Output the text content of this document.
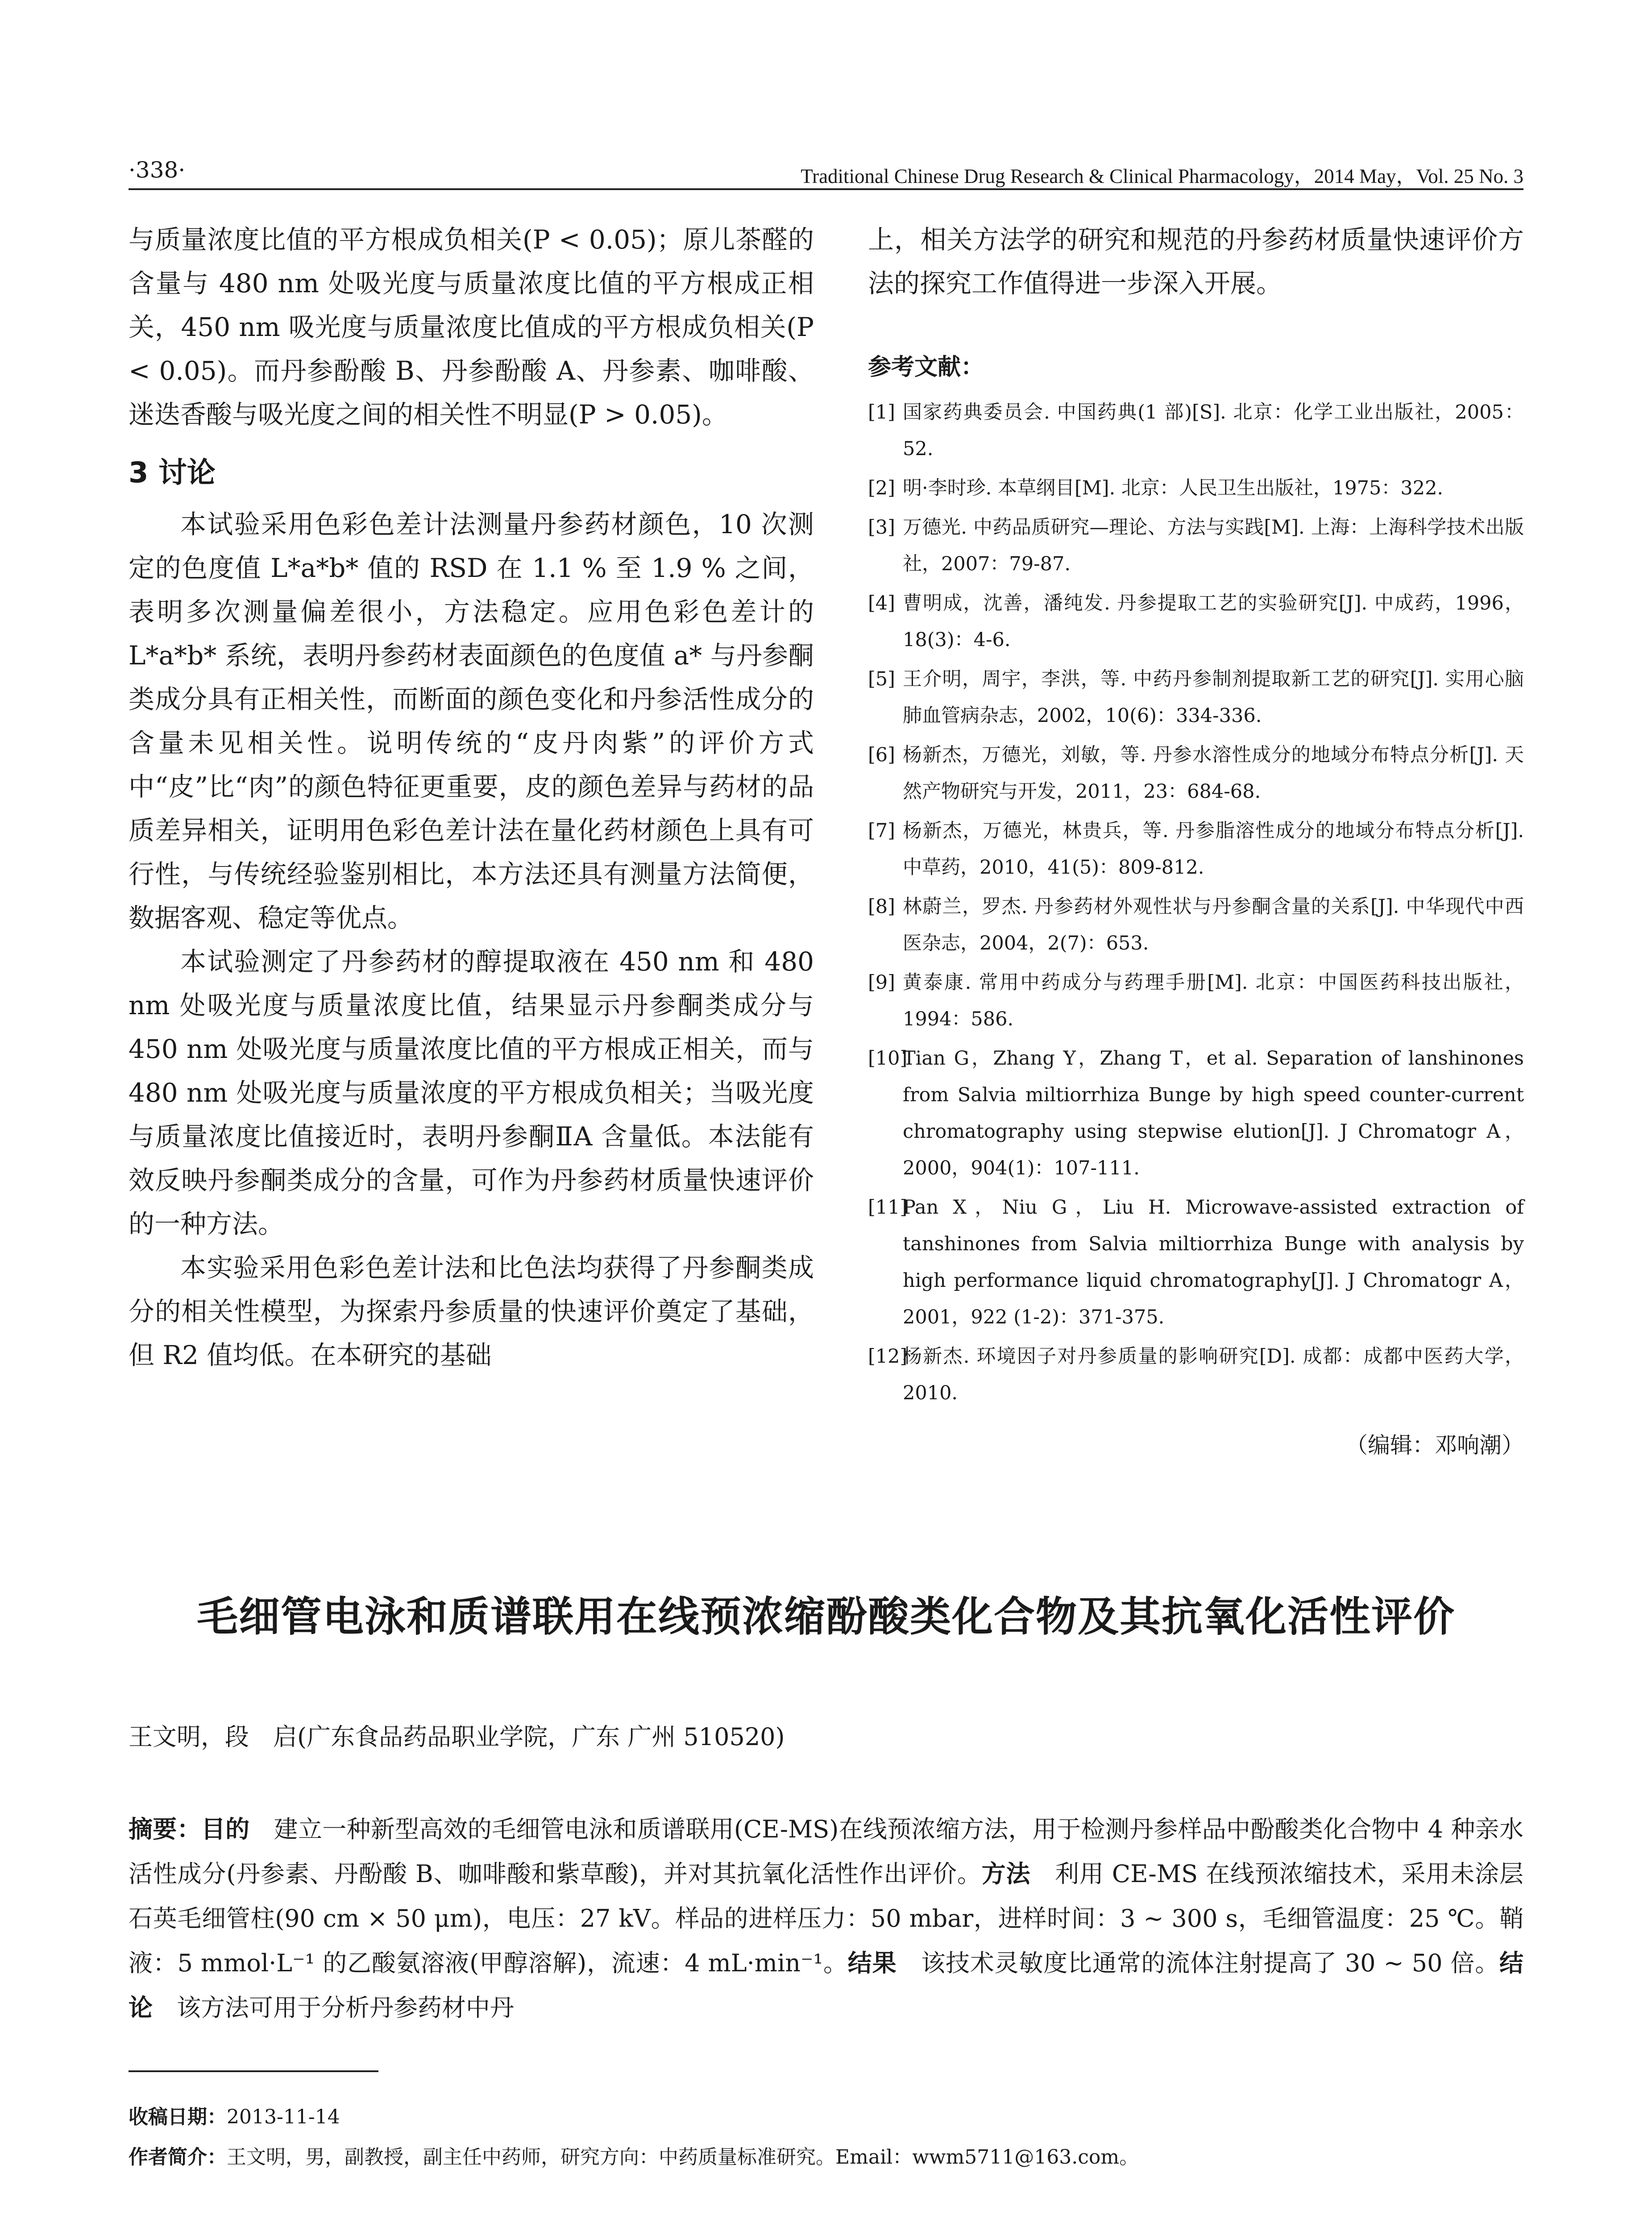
·338·	Traditional Chinese Drug Research & Clinical Pharmacology，2014 May，Vol. 25 No. 3

与质量浓度比值的平方根成负相关(P < 0.05)；原儿茶醛的含量与 480 nm 处吸光度与质量浓度比值的平方根成正相关，450 nm 吸光度与质量浓度比值成的平方根成负相关(P < 0.05)。而丹参酚酸 B、丹参酚酸 A、丹参素、咖啡酸、迷迭香酸与吸光度之间的相关性不明显(P > 0.05)。

3 讨论

本试验采用色彩色差计法测量丹参药材颜色，10 次测定的色度值 L*a*b* 值的 RSD 在 1.1 % 至 1.9 % 之间，表明多次测量偏差很小，方法稳定。应用色彩色差计的 L*a*b* 系统，表明丹参药材表面颜色的色度值 a* 与丹参酮类成分具有正相关性，而断面的颜色变化和丹参活性成分的含量未见相关性。说明传统的“皮丹肉紫”的评价方式中“皮”比“肉”的颜色特征更重要，皮的颜色差异与药材的品质差异相关，证明用色彩色差计法在量化药材颜色上具有可行性，与传统经验鉴别相比，本方法还具有测量方法简便，数据客观、稳定等优点。

本试验测定了丹参药材的醇提取液在 450 nm 和 480 nm 处吸光度与质量浓度比值，结果显示丹参酮类成分与 450 nm 处吸光度与质量浓度比值的平方根成正相关，而与 480 nm 处吸光度与质量浓度的平方根成负相关；当吸光度与质量浓度比值接近时，表明丹参酮ⅡA 含量低。本法能有效反映丹参酮类成分的含量，可作为丹参药材质量快速评价的一种方法。

本实验采用色彩色差计法和比色法均获得了丹参酮类成分的相关性模型，为探索丹参质量的快速评价奠定了基础，但 R2 值均低。在本研究的基础

上，相关方法学的研究和规范的丹参药材质量快速评价方法的探究工作值得进一步深入开展。

参考文献：
[1] 国家药典委员会. 中国药典(1 部)[S]. 北京：化学工业出版社，2005：52.
[2] 明·李时珍. 本草纲目[M]. 北京：人民卫生出版社，1975：322.
[3] 万德光. 中药品质研究—理论、方法与实践[M]. 上海：上海科学技术出版社，2007：79-87.
[4] 曹明成，沈善，潘纯发. 丹参提取工艺的实验研究[J]. 中成药，1996，18(3)：4-6.
[5] 王介明，周宇，李洪，等. 中药丹参制剂提取新工艺的研究[J]. 实用心脑肺血管病杂志，2002，10(6)：334-336.
[6] 杨新杰，万德光，刘敏，等. 丹参水溶性成分的地域分布特点分析[J]. 天然产物研究与开发，2011，23：684-68.
[7] 杨新杰，万德光，林贵兵，等. 丹参脂溶性成分的地域分布特点分析[J]. 中草药，2010，41(5)：809-812.
[8] 林蔚兰，罗杰. 丹参药材外观性状与丹参酮含量的关系[J]. 中华现代中西医杂志，2004，2(7)：653.
[9] 黄泰康. 常用中药成分与药理手册[M]. 北京：中国医药科技出版社，1994：586.
[10]
Tian G，Zhang Y，Zhang T，et al. Separation of lanshinones from Salvia miltiorrhiza Bunge by high speed counter-current chromatography using stepwise elution[J]. J Chromatogr A，2000，904(1)：107-111.
[11]
Pan X，Niu G，Liu H. Microwave-assisted extraction of tanshinones from Salvia miltiorrhiza Bunge with analysis by high performance liquid chromatography[J]. J Chromatogr A，2001，922 (1-2)：371-375.
[12]
杨新杰. 环境因子对丹参质量的影响研究[D]. 成都：成都中医药大学，2010.
（编辑：邓响潮）
毛细管电泳和质谱联用在线预浓缩酚酸类化合物及其抗氧化活性评价
王文明，段　启(广东食品药品职业学院，广东 广州 510520)
摘要：目的　建立一种新型高效的毛细管电泳和质谱联用(CE-MS)在线预浓缩方法，用于检测丹参样品中酚酸类化合物中 4 种亲水活性成分(丹参素、丹酚酸 B、咖啡酸和紫草酸)，并对其抗氧化活性作出评价。方法　利用 CE-MS 在线预浓缩技术，采用未涂层石英毛细管柱(90 cm × 50 μm)，电压：27 kV。样品的进样压力：50 mbar，进样时间：3 ~ 300 s，毛细管温度：25 ℃。鞘液：5 mmol·L⁻¹ 的乙酸氨溶液(甲醇溶解)，流速：4 mL·min⁻¹。结果　该技术灵敏度比通常的流体注射提高了 30 ~ 50 倍。结论　该方法可用于分析丹参药材中丹
收稿日期：2013-11-14
作者简介：王文明，男，副教授，副主任中药师，研究方向：中药质量标准研究。Email：wwm5711@163.com。
